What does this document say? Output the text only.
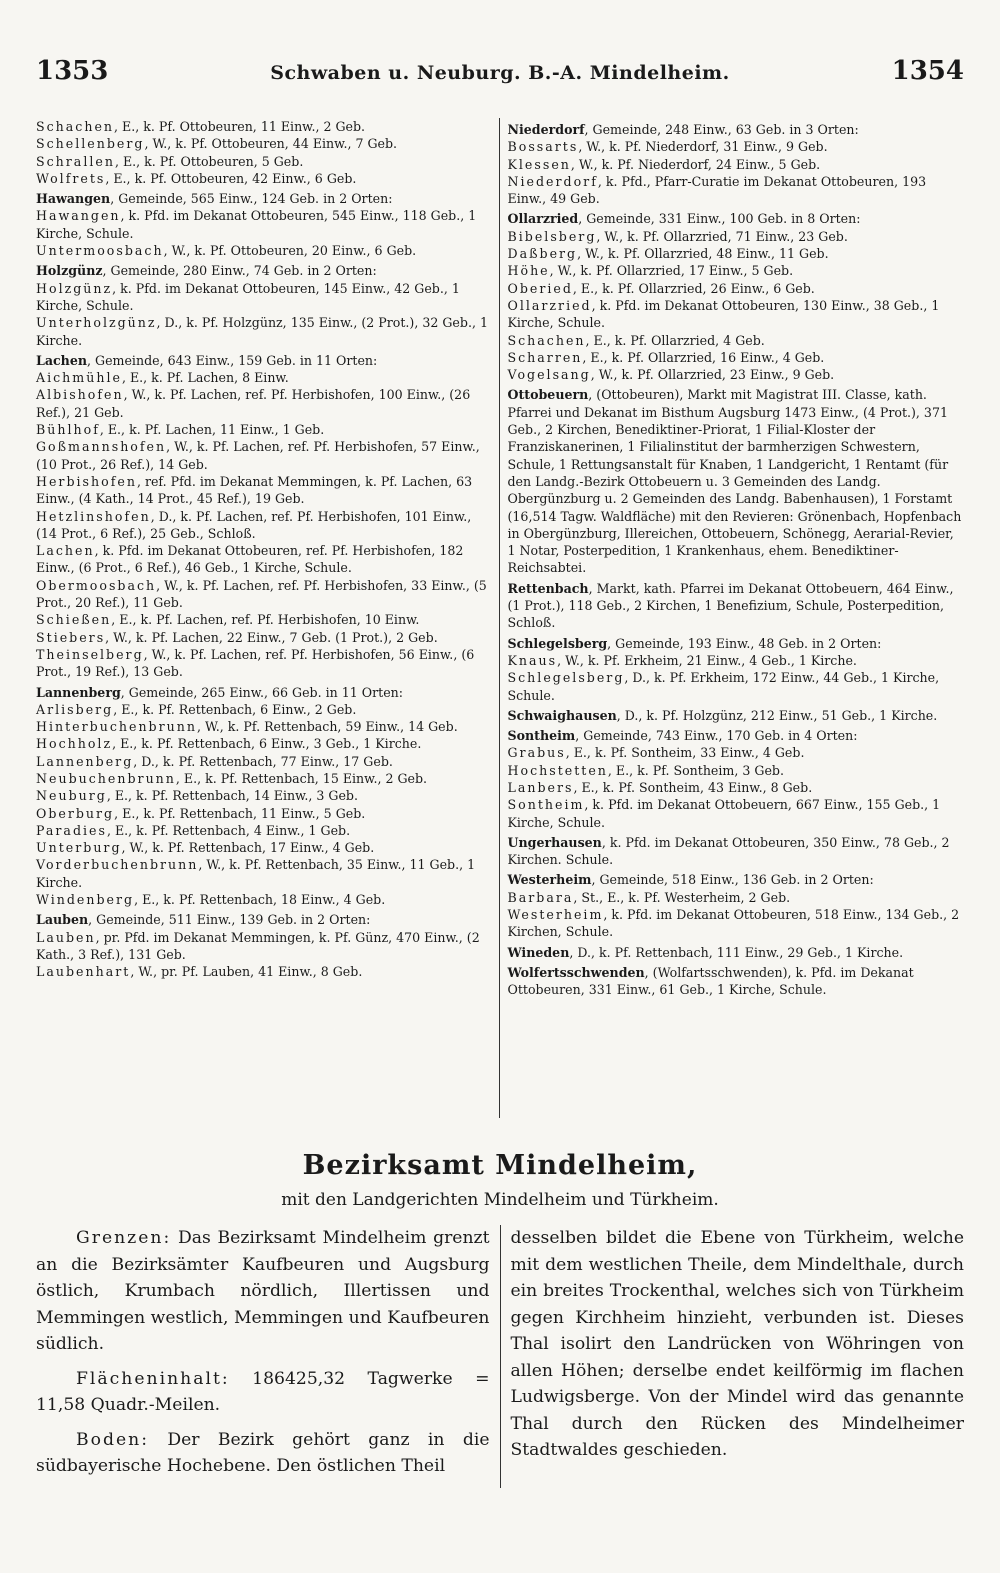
1353	Schwaben u. Neuburg. B.-A. Mindelheim.	1354

Schachen, E., k. Pf. Ottobeuren, 11 Einw., 2 Geb.

Schellenberg, W., k. Pf. Ottobeuren, 44 Einw., 7 Geb.

Schrallen, E., k. Pf. Ottobeuren, 5 Geb.

Wolfrets, E., k. Pf. Ottobeuren, 42 Einw., 6 Geb.

Hawangen, Gemeinde, 565 Einw., 124 Geb. in 2 Orten:

Hawangen, k. Pfd. im Dekanat Ottobeuren, 545 Einw., 118 Geb., 1 Kirche, Schule.

Untermoosbach, W., k. Pf. Ottobeuren, 20 Einw., 6 Geb.

Holzgünz, Gemeinde, 280 Einw., 74 Geb. in 2 Orten:

Holzgünz, k. Pfd. im Dekanat Ottobeuren, 145 Einw., 42 Geb., 1 Kirche, Schule.

Unterholzgünz, D., k. Pf. Holzgünz, 135 Einw., (2 Prot.), 32 Geb., 1 Kirche.

Lachen, Gemeinde, 643 Einw., 159 Geb. in 11 Orten:

Aichmühle, E., k. Pf. Lachen, 8 Einw.

Albishofen, W., k. Pf. Lachen, ref. Pf. Herbishofen, 100 Einw., (26 Ref.), 21 Geb.

Bühlhof, E., k. Pf. Lachen, 11 Einw., 1 Geb.

Goßmannshofen, W., k. Pf. Lachen, ref. Pf. Herbishofen, 57 Einw., (10 Prot., 26 Ref.), 14 Geb.

Herbishofen, ref. Pfd. im Dekanat Memmingen, k. Pf. Lachen, 63 Einw., (4 Kath., 14 Prot., 45 Ref.), 19 Geb.

Hetzlinshofen, D., k. Pf. Lachen, ref. Pf. Herbishofen, 101 Einw., (14 Prot., 6 Ref.), 25 Geb., Schloß.

Lachen, k. Pfd. im Dekanat Ottobeuren, ref. Pf. Herbishofen, 182 Einw., (6 Prot., 6 Ref.), 46 Geb., 1 Kirche, Schule.

Obermoosbach, W., k. Pf. Lachen, ref. Pf. Herbishofen, 33 Einw., (5 Prot., 20 Ref.), 11 Geb.

Schießen, E., k. Pf. Lachen, ref. Pf. Herbishofen, 10 Einw.

Stiebers, W., k. Pf. Lachen, 22 Einw., 7 Geb. (1 Prot.), 2 Geb.

Theinselberg, W., k. Pf. Lachen, ref. Pf. Herbishofen, 56 Einw., (6 Prot., 19 Ref.), 13 Geb.

Lannenberg, Gemeinde, 265 Einw., 66 Geb. in 11 Orten:

Arlisberg, E., k. Pf. Rettenbach, 6 Einw., 2 Geb.

Hinterbuchenbrunn, W., k. Pf. Rettenbach, 59 Einw., 14 Geb.

Hochholz, E., k. Pf. Rettenbach, 6 Einw., 3 Geb., 1 Kirche.

Lannenberg, D., k. Pf. Rettenbach, 77 Einw., 17 Geb.

Neubuchenbrunn, E., k. Pf. Rettenbach, 15 Einw., 2 Geb.

Neuburg, E., k. Pf. Rettenbach, 14 Einw., 3 Geb.

Oberburg, E., k. Pf. Rettenbach, 11 Einw., 5 Geb.

Paradies, E., k. Pf. Rettenbach, 4 Einw., 1 Geb.

Unterburg, W., k. Pf. Rettenbach, 17 Einw., 4 Geb.

Vorderbuchenbrunn, W., k. Pf. Rettenbach, 35 Einw., 11 Geb., 1 Kirche.

Windenberg, E., k. Pf. Rettenbach, 18 Einw., 4 Geb.

Lauben, Gemeinde, 511 Einw., 139 Geb. in 2 Orten:

Lauben, pr. Pfd. im Dekanat Memmingen, k. Pf. Günz, 470 Einw., (2 Kath., 3 Ref.), 131 Geb.

Laubenhart, W., pr. Pf. Lauben, 41 Einw., 8 Geb.

Niederdorf, Gemeinde, 248 Einw., 63 Geb. in 3 Orten:

Bossarts, W., k. Pf. Niederdorf, 31 Einw., 9 Geb.

Klessen, W., k. Pf. Niederdorf, 24 Einw., 5 Geb.

Niederdorf, k. Pfd., Pfarr-Curatie im Dekanat Ottobeuren, 193 Einw., 49 Geb.

Ollarzried, Gemeinde, 331 Einw., 100 Geb. in 8 Orten:

Bibelsberg, W., k. Pf. Ollarzried, 71 Einw., 23 Geb.

Daßberg, W., k. Pf. Ollarzried, 48 Einw., 11 Geb.

Höhe, W., k. Pf. Ollarzried, 17 Einw., 5 Geb.

Oberied, E., k. Pf. Ollarzried, 26 Einw., 6 Geb.

Ollarzried, k. Pfd. im Dekanat Ottobeuren, 130 Einw., 38 Geb., 1 Kirche, Schule.

Schachen, E., k. Pf. Ollarzried, 4 Geb.

Scharren, E., k. Pf. Ollarzried, 16 Einw., 4 Geb.

Vogelsang, W., k. Pf. Ollarzried, 23 Einw., 9 Geb.

Ottobeuern, (Ottobeuren), Markt mit Magistrat III. Classe, kath. Pfarrei und Dekanat im Bisthum Augsburg 1473 Einw., (4 Prot.), 371 Geb., 2 Kirchen, Benediktiner-Priorat, 1 Filial-Kloster der Franziskanerinen, 1 Filialinstitut der barmherzigen Schwestern, Schule, 1 Rettungsanstalt für Knaben, 1 Landgericht, 1 Rentamt (für den Landg.-Bezirk Ottobeuern u. 3 Gemeinden des Landg. Obergünzburg u. 2 Gemeinden des Landg. Babenhausen), 1 Forstamt (16,514 Tagw. Waldfläche) mit den Revieren: Grönenbach, Hopfenbach in Obergünzburg, Illereichen, Ottobeuern, Schönegg, Aerarial-Revier, 1 Notar, Posterpedition, 1 Krankenhaus, ehem. Benediktiner-Reichsabtei.

Rettenbach, Markt, kath. Pfarrei im Dekanat Ottobeuern, 464 Einw., (1 Prot.), 118 Geb., 2 Kirchen, 1 Benefizium, Schule, Posterpedition, Schloß.

Schlegelsberg, Gemeinde, 193 Einw., 48 Geb. in 2 Orten:

Knaus, W., k. Pf. Erkheim, 21 Einw., 4 Geb., 1 Kirche.

Schlegelsberg, D., k. Pf. Erkheim, 172 Einw., 44 Geb., 1 Kirche, Schule.

Schwaighausen, D., k. Pf. Holzgünz, 212 Einw., 51 Geb., 1 Kirche.

Sontheim, Gemeinde, 743 Einw., 170 Geb. in 4 Orten:

Grabus, E., k. Pf. Sontheim, 33 Einw., 4 Geb.

Hochstetten, E., k. Pf. Sontheim, 3 Geb.

Lanbers, E., k. Pf. Sontheim, 43 Einw., 8 Geb.

Sontheim, k. Pfd. im Dekanat Ottobeuern, 667 Einw., 155 Geb., 1 Kirche, Schule.

Ungerhausen, k. Pfd. im Dekanat Ottobeuren, 350 Einw., 78 Geb., 2 Kirchen. Schule.

Westerheim, Gemeinde, 518 Einw., 136 Geb. in 2 Orten:

Barbara, St., E., k. Pf. Westerheim, 2 Geb.

Westerheim, k. Pfd. im Dekanat Ottobeuren, 518 Einw., 134 Geb., 2 Kirchen, Schule.

Wineden, D., k. Pf. Rettenbach, 111 Einw., 29 Geb., 1 Kirche.

Wolfertsschwenden, (Wolfartsschwenden), k. Pfd. im Dekanat Ottobeuren, 331 Einw., 61 Geb., 1 Kirche, Schule.

Bezirksamt Mindelheim,
mit den Landgerichten Mindelheim und Türkheim.

Grenzen: Das Bezirksamt Mindelheim grenzt an die Bezirksämter Kaufbeuren und Augsburg östlich, Krumbach nördlich, Illertissen und Memmingen westlich, Memmingen und Kaufbeuren südlich.

Flächeninhalt: 186425,32 Tagwerke = 11,58 Quadr.-Meilen.

Boden: Der Bezirk gehört ganz in die südbayerische Hochebene. Den östlichen Theil

desselben bildet die Ebene von Türkheim, welche mit dem westlichen Theile, dem Mindelthale, durch ein breites Trockenthal, welches sich von Türkheim gegen Kirchheim hinzieht, verbunden ist. Dieses Thal isolirt den Landrücken von Wöhringen von allen Höhen; derselbe endet keilförmig im flachen Ludwigsberge. Von der Mindel wird das genannte Thal durch den Rücken des Mindelheimer Stadtwaldes geschieden.
